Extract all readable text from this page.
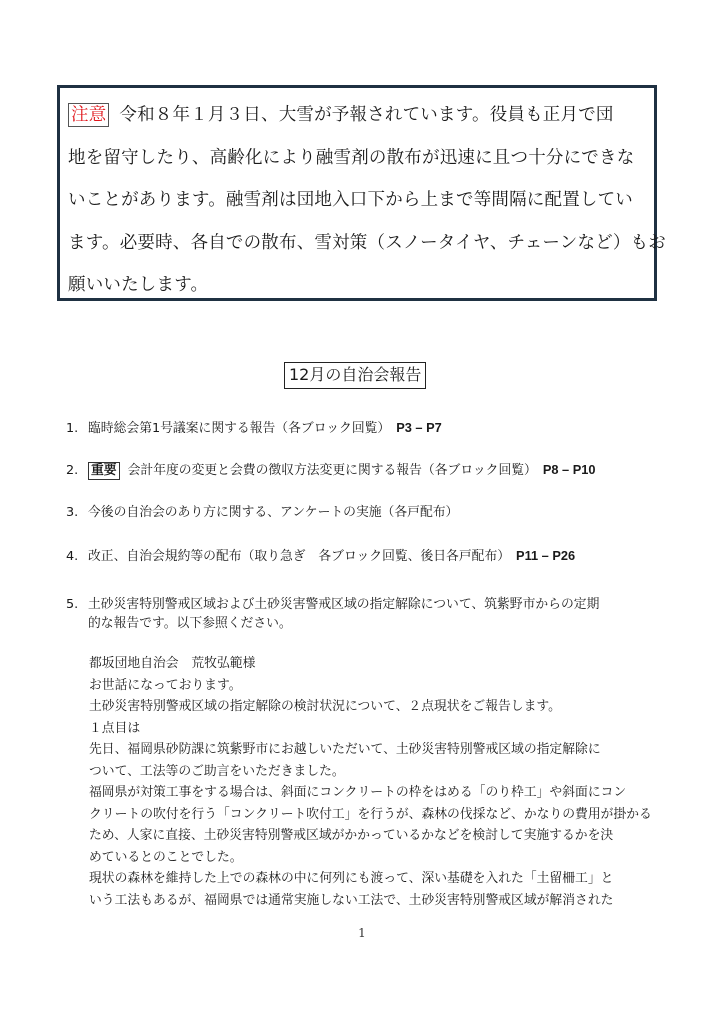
注意 令和８年１月３日、大雪が予報されています。役員も正月で団
地を留守したり、高齢化により融雪剤の散布が迅速に且つ十分にできな
いことがあります。融雪剤は団地入口下から上まで等間隔に配置してい
ます。必要時、各自での散布、雪対策（スノータイヤ、チェーンなど）もお
願いいたします。
12月の自治会報告
1. 臨時総会第1号議案に関する報告（各ブロック回覧） P3 – P7
2. 重要 会計年度の変更と会費の徴収方法変更に関する報告（各ブロック回覧） P8 – P10
3. 今後の自治会のあり方に関する、アンケートの実施（各戸配布）
4. 改正、自治会規約等の配布（取り急ぎ　各ブロック回覧、後日各戸配布） P11 – P26
5. 土砂災害特別警戒区域および土砂災害警戒区域の指定解除について、筑紫野市からの定期
的な報告です。以下参照ください。
都坂団地自治会　荒牧弘範様
お世話になっております。
土砂災害特別警戒区域の指定解除の検討状況について、２点現状をご報告します。
１点目は
先日、福岡県砂防課に筑紫野市にお越しいただいて、土砂災害特別警戒区域の指定解除に
ついて、工法等のご助言をいただきました。
福岡県が対策工事をする場合は、斜面にコンクリートの枠をはめる「のり枠工」や斜面にコン
クリートの吹付を行う「コンクリート吹付工」を行うが、森林の伐採など、かなりの費用が掛かる
ため、人家に直接、土砂災害特別警戒区域がかかっているかなどを検討して実施するかを決
めているとのことでした。
現状の森林を維持した上での森林の中に何列にも渡って、深い基礎を入れた「土留柵工」と
いう工法もあるが、福岡県では通常実施しない工法で、土砂災害特別警戒区域が解消された
1
